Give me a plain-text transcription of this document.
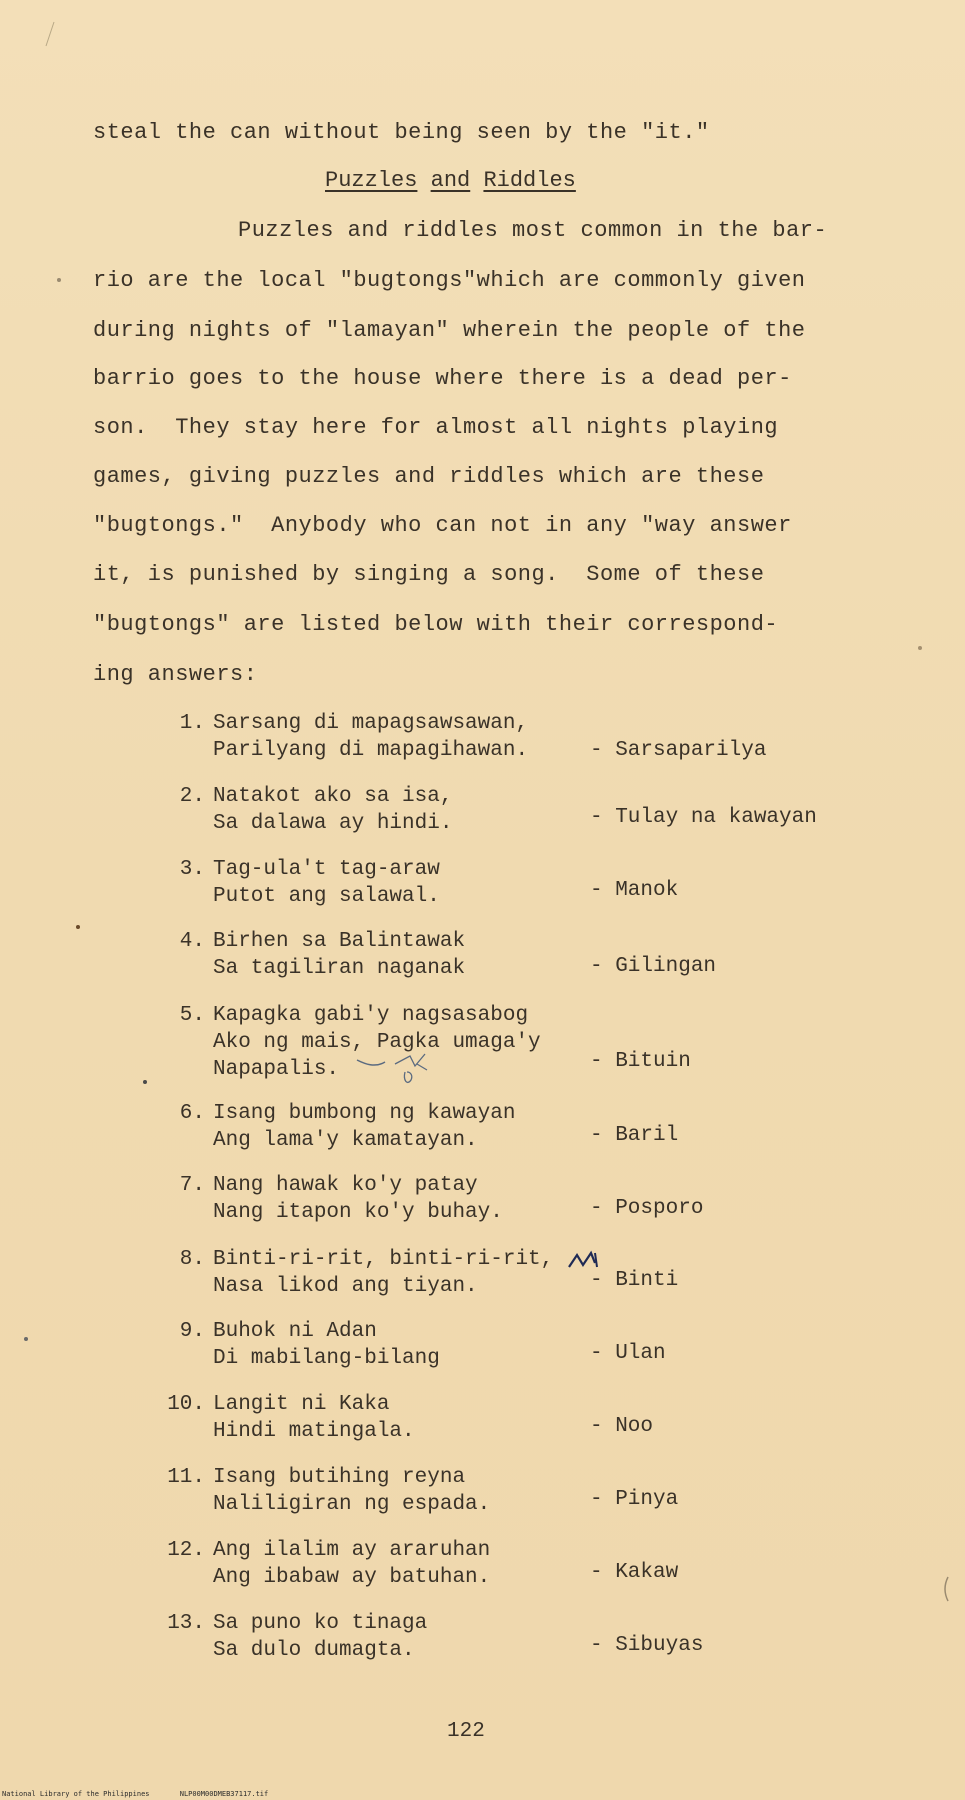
steal the can without being seen by the "it."
Puzzles and Riddles
Puzzles and riddles most common in the bar-
rio are the local "bugtongs"which are commonly given
during nights of "lamayan" wherein the people of the
barrio goes to the house where there is a dead per-
son.  They stay here for almost all nights playing
games, giving puzzles and riddles which are these
"bugtongs."  Anybody who can not in any "way answer
it, is punished by singing a song.  Some of these
"bugtongs" are listed below with their correspond-
ing answers:
1. Sarsang di mapagsawsawan,
Parilyang di mapagihawan.	- Sarsaparilya
2. Natakot ako sa isa,
Sa dalawa ay hindi.	- Tulay na kawayan
3. Tag-ula't tag-araw
Putot ang salawal.	- Manok
4. Birhen sa Balintawak
Sa tagiliran naganak	- Gilingan
5. Kapagka gabi'y nagsasabog
Ako ng mais, Pagka umaga'y
Napapalis.	- Bituin
6. Isang bumbong ng kawayan
Ang lama'y kamatayan.	- Baril
7. Nang hawak ko'y patay
Nang itapon ko'y buhay.	- Posporo
8. Binti-ri-rit, binti-ri-rit,
Nasa likod ang tiyan.	- Binti
9. Buhok ni Adan
Di mabilang-bilang	- Ulan
10. Langit ni Kaka
Hindi matingala.	- Noo
11. Isang butihing reyna
Naliligiran ng espada.	- Pinya
12. Ang ilalim ay araruhan
Ang ibabaw ay batuhan.	- Kakaw
13. Sa puno ko tinaga
Sa dulo dumagta.	- Sibuyas
122
National Library of the Philippines	NLP00M00DMEB37117.tif
